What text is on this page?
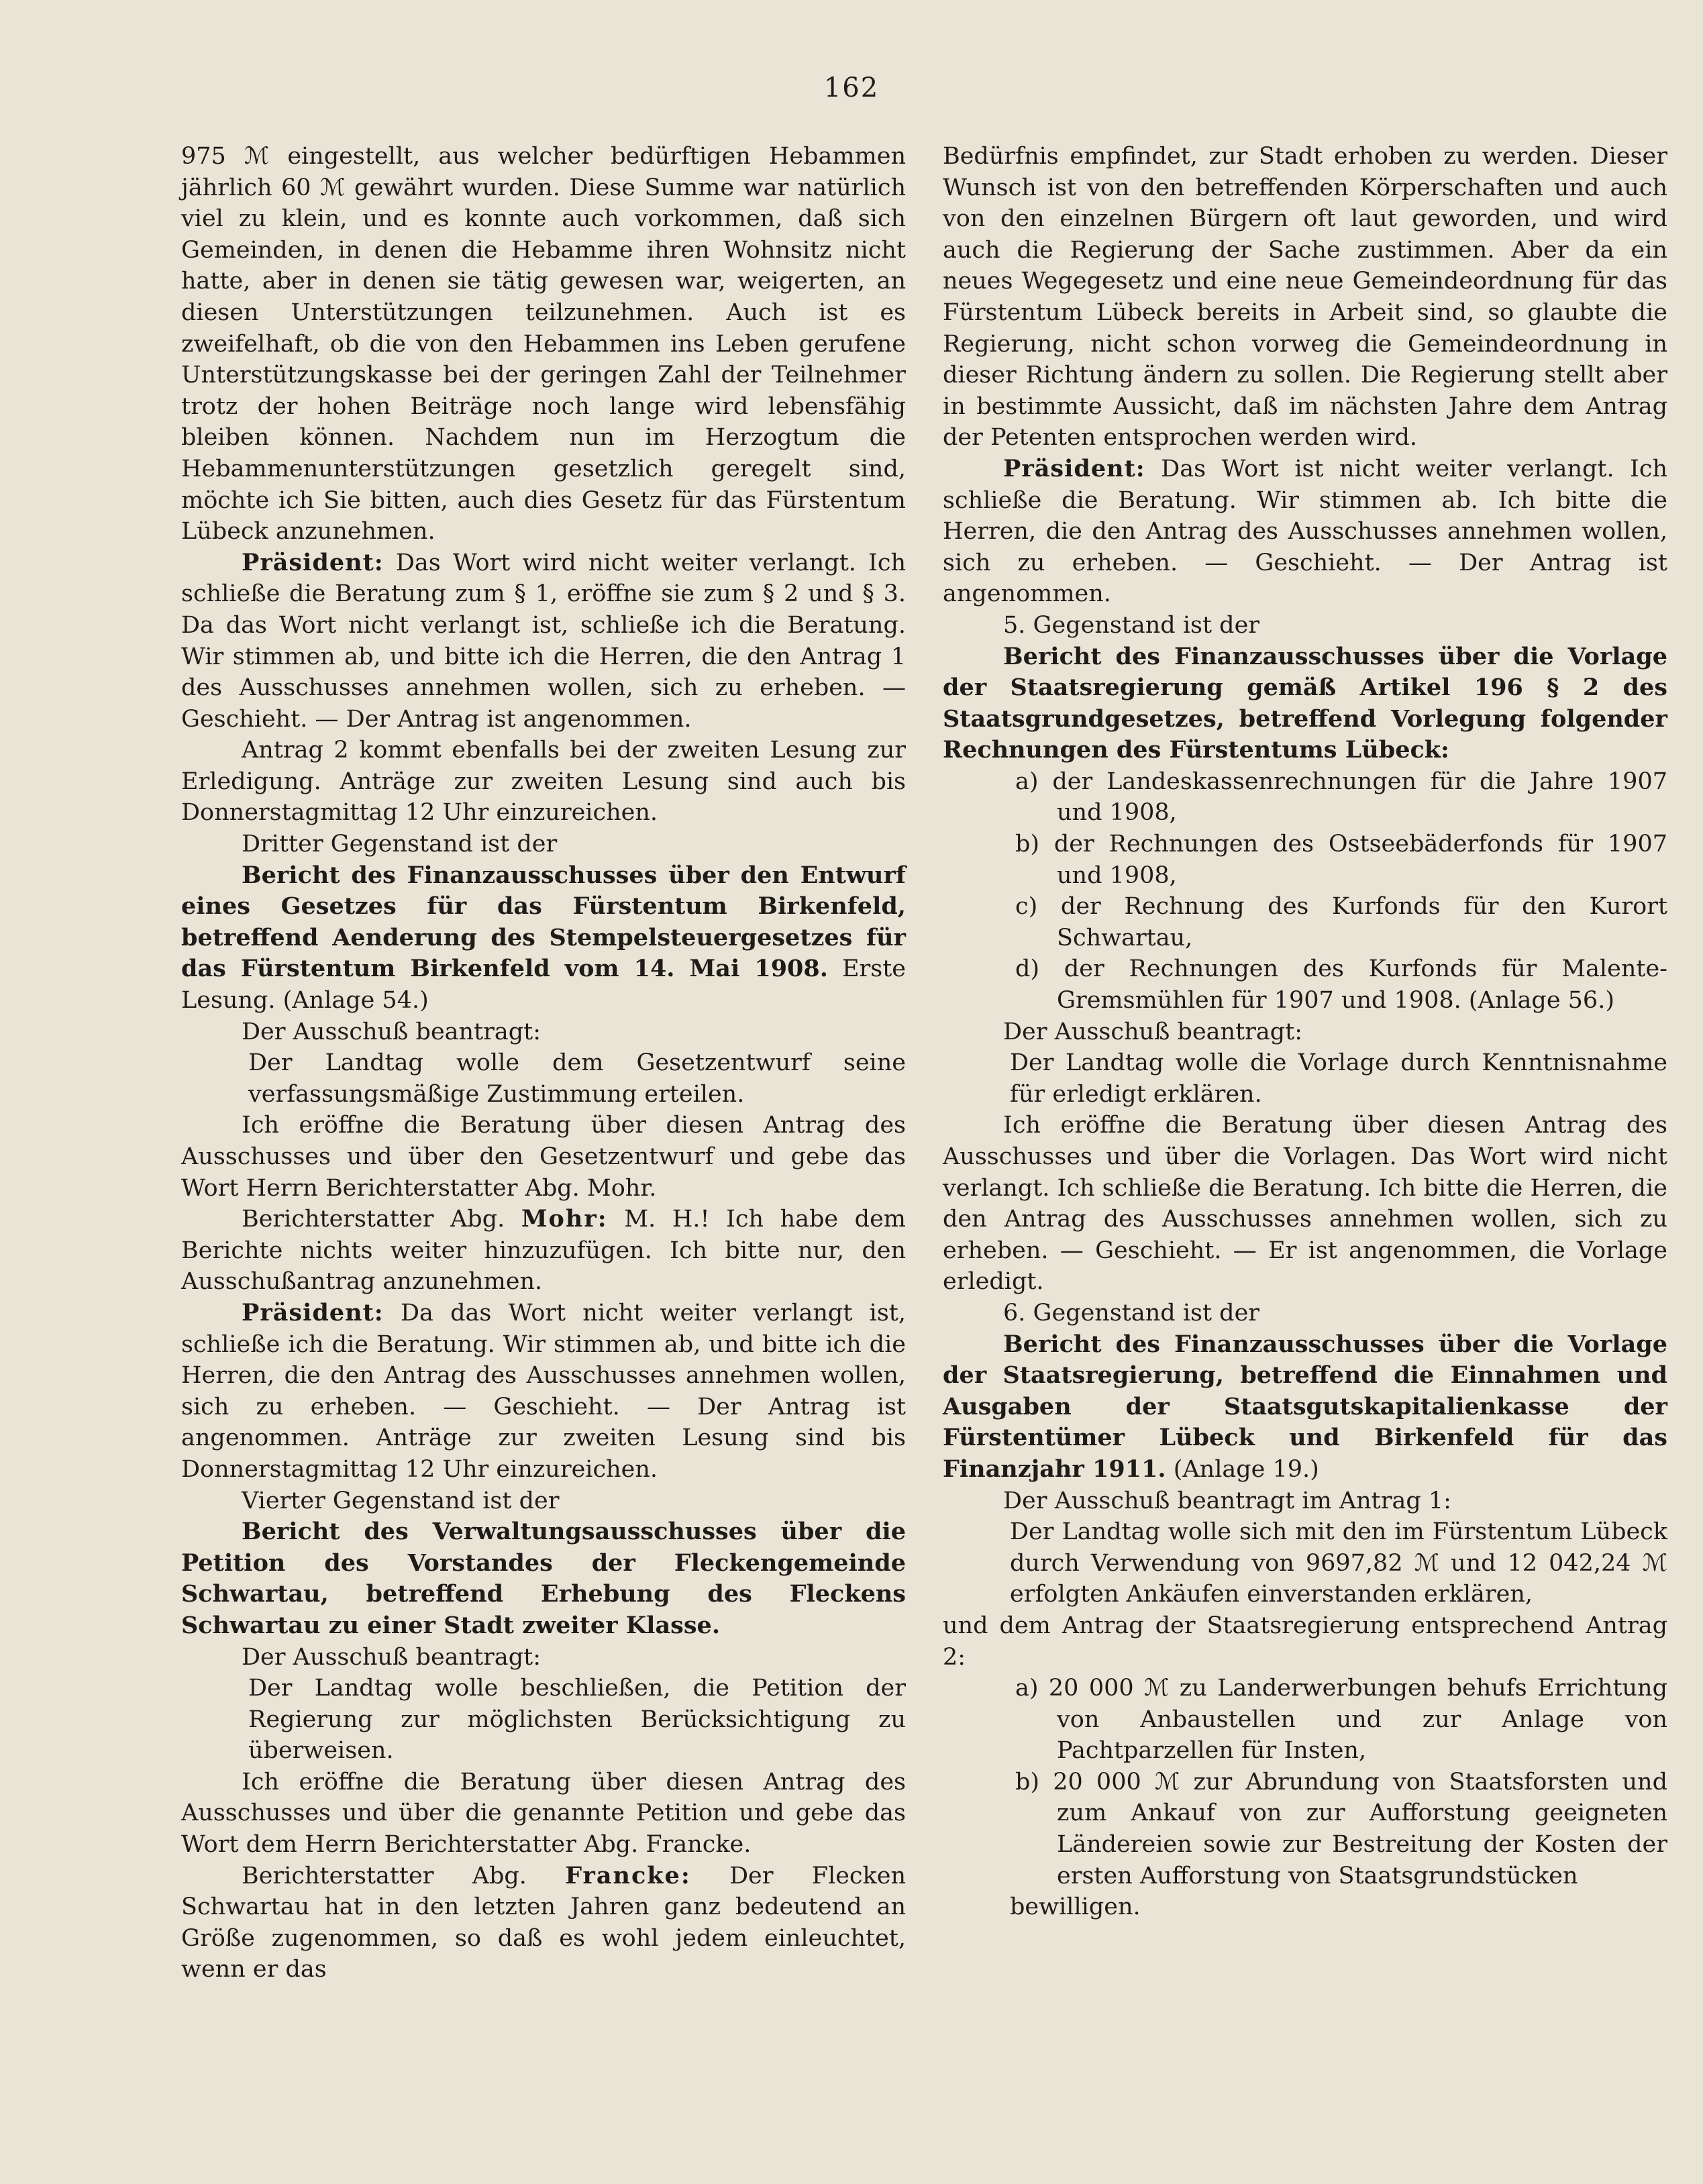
162

975 ℳ eingestellt, aus welcher bedürftigen Hebammen jährlich 60 ℳ gewährt wurden. Diese Summe war natürlich viel zu klein, und es konnte auch vorkommen, daß sich Gemeinden, in denen die Hebamme ihren Wohnsitz nicht hatte, aber in denen sie tätig gewesen war, weigerten, an diesen Unterstützungen teilzunehmen. Auch ist es zweifelhaft, ob die von den Hebammen ins Leben gerufene Unterstützungskasse bei der geringen Zahl der Teilnehmer trotz der hohen Beiträge noch lange wird lebensfähig bleiben können. Nachdem nun im Herzogtum die Hebammenunterstützungen gesetzlich geregelt sind, möchte ich Sie bitten, auch dies Gesetz für das Fürstentum Lübeck anzunehmen.

Präsident: Das Wort wird nicht weiter verlangt. Ich schließe die Beratung zum § 1, eröffne sie zum § 2 und § 3. Da das Wort nicht verlangt ist, schließe ich die Beratung. Wir stimmen ab, und bitte ich die Herren, die den Antrag 1 des Ausschusses annehmen wollen, sich zu erheben. — Geschieht. — Der Antrag ist angenommen.

Antrag 2 kommt ebenfalls bei der zweiten Lesung zur Erledigung. Anträge zur zweiten Lesung sind auch bis Donnerstagmittag 12 Uhr einzureichen.

Dritter Gegenstand ist der

Bericht des Finanzausschusses über den Entwurf eines Gesetzes für das Fürstentum Birkenfeld, betreffend Aenderung des Stempelsteuergesetzes für das Fürstentum Birkenfeld vom 14. Mai 1908. Erste Lesung. (Anlage 54.)

Der Ausschuß beantragt:

Der Landtag wolle dem Gesetzentwurf seine verfassungsmäßige Zustimmung erteilen.

Ich eröffne die Beratung über diesen Antrag des Ausschusses und über den Gesetzentwurf und gebe das Wort Herrn Berichterstatter Abg. Mohr.

Berichterstatter Abg. Mohr: M. H.! Ich habe dem Berichte nichts weiter hinzuzufügen. Ich bitte nur, den Ausschußantrag anzunehmen.

Präsident: Da das Wort nicht weiter verlangt ist, schließe ich die Beratung. Wir stimmen ab, und bitte ich die Herren, die den Antrag des Ausschusses annehmen wollen, sich zu erheben. — Geschieht. — Der Antrag ist angenommen. Anträge zur zweiten Lesung sind bis Donnerstagmittag 12 Uhr einzureichen.

Vierter Gegenstand ist der

Bericht des Verwaltungsausschusses über die Petition des Vorstandes der Fleckengemeinde Schwartau, betreffend Erhebung des Fleckens Schwartau zu einer Stadt zweiter Klasse.

Der Ausschuß beantragt:

Der Landtag wolle beschließen, die Petition der Regierung zur möglichsten Berücksichtigung zu überweisen.

Ich eröffne die Beratung über diesen Antrag des Ausschusses und über die genannte Petition und gebe das Wort dem Herrn Berichterstatter Abg. Francke.

Berichterstatter Abg. Francke: Der Flecken Schwartau hat in den letzten Jahren ganz bedeutend an Größe zugenommen, so daß es wohl jedem einleuchtet, wenn er das

Bedürfnis empfindet, zur Stadt erhoben zu werden. Dieser Wunsch ist von den betreffenden Körperschaften und auch von den einzelnen Bürgern oft laut geworden, und wird auch die Regierung der Sache zustimmen. Aber da ein neues Wegegesetz und eine neue Gemeindeordnung für das Fürstentum Lübeck bereits in Arbeit sind, so glaubte die Regierung, nicht schon vorweg die Gemeindeordnung in dieser Richtung ändern zu sollen. Die Regierung stellt aber in bestimmte Aussicht, daß im nächsten Jahre dem Antrag der Petenten entsprochen werden wird.

Präsident: Das Wort ist nicht weiter verlangt. Ich schließe die Beratung. Wir stimmen ab. Ich bitte die Herren, die den Antrag des Ausschusses annehmen wollen, sich zu erheben. — Geschieht. — Der Antrag ist angenommen.

5. Gegenstand ist der

Bericht des Finanzausschusses über die Vorlage der Staatsregierung gemäß Artikel 196 § 2 des Staatsgrundgesetzes, betreffend Vorlegung folgender Rechnungen des Fürstentums Lübeck:

a) der Landeskassenrechnungen für die Jahre 1907 und 1908,

b) der Rechnungen des Ostseebäderfonds für 1907 und 1908,

c) der Rechnung des Kurfonds für den Kurort Schwartau,

d) der Rechnungen des Kurfonds für Malente-Gremsmühlen für 1907 und 1908. (Anlage 56.)

Der Ausschuß beantragt:

Der Landtag wolle die Vorlage durch Kenntnisnahme für erledigt erklären.

Ich eröffne die Beratung über diesen Antrag des Ausschusses und über die Vorlagen. Das Wort wird nicht verlangt. Ich schließe die Beratung. Ich bitte die Herren, die den Antrag des Ausschusses annehmen wollen, sich zu erheben. — Geschieht. — Er ist angenommen, die Vorlage erledigt.

6. Gegenstand ist der

Bericht des Finanzausschusses über die Vorlage der Staatsregierung, betreffend die Einnahmen und Ausgaben der Staatsgutskapitalienkasse der Fürstentümer Lübeck und Birkenfeld für das Finanzjahr 1911. (Anlage 19.)

Der Ausschuß beantragt im Antrag 1:

Der Landtag wolle sich mit den im Fürstentum Lübeck durch Verwendung von 9697,82 ℳ und 12 042,24 ℳ erfolgten Ankäufen einverstanden erklären,

und dem Antrag der Staatsregierung entsprechend Antrag 2:

a) 20 000 ℳ zu Landerwerbungen behufs Errichtung von Anbaustellen und zur Anlage von Pachtparzellen für Insten,

b) 20 000 ℳ zur Abrundung von Staatsforsten und zum Ankauf von zur Aufforstung geeigneten Ländereien sowie zur Bestreitung der Kosten der ersten Aufforstung von Staatsgrundstücken

bewilligen.
